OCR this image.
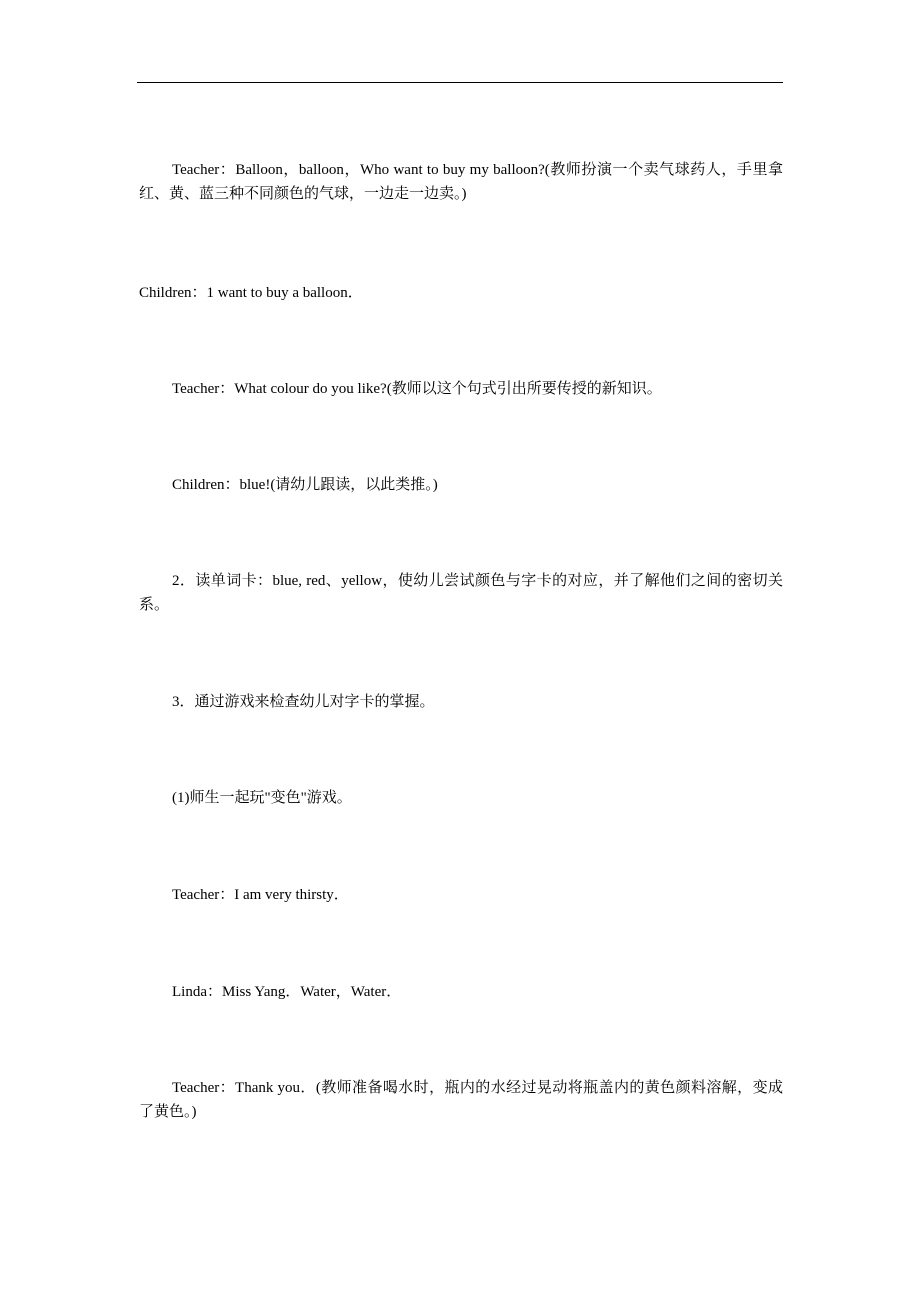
Teacher：Balloon，balloon，Who want to buy my balloon?(教师扮演一个卖气球药人，手里拿红、黄、蓝三种不同颜色的气球，一边走一边卖。)

Children：1 want to buy a balloon．

Teacher：What colour do you like?(教师以这个句式引出所要传授的新知识。

Children：blue!(请幼儿跟读，以此类推。)

2．读单词卡：blue, red、yellow，使幼儿尝试颜色与字卡的对应，并了解他们之间的密切关系。

3．通过游戏来检查幼儿对字卡的掌握。

(1)师生一起玩"变色"游戏。

Teacher：I am very thirsty．

Linda：Miss Yang．Water，Water．

Teacher：Thank you．(教师准备喝水时，瓶内的水经过晃动将瓶盖内的黄色颜料溶解，变成了黄色。)
